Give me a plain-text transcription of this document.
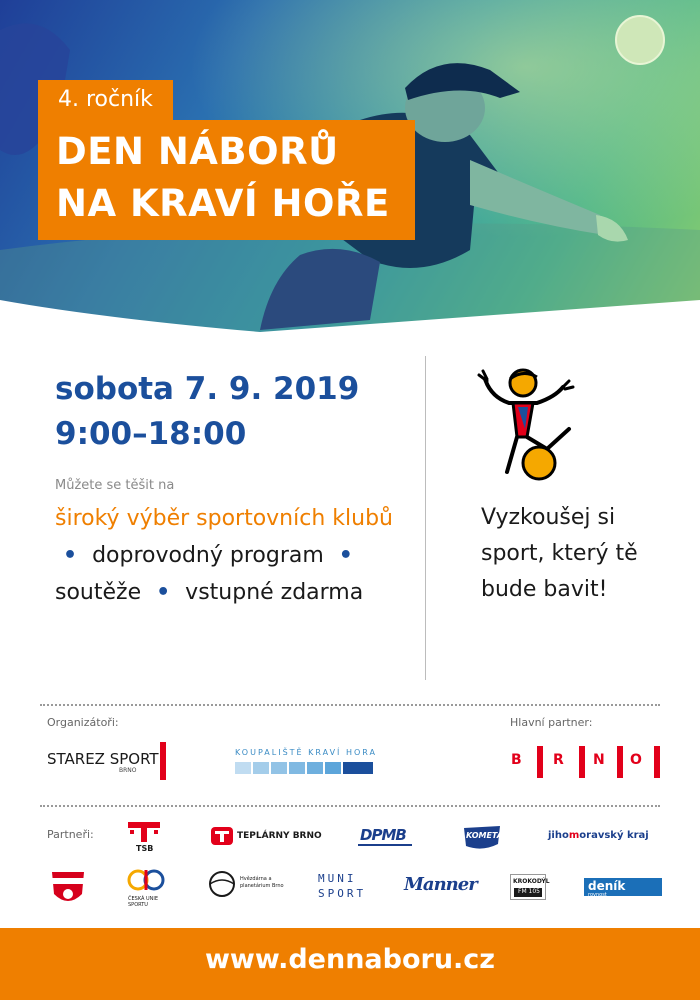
4. ročník
DEN NÁBORŮ
NA KRAVÍ HOŘE
sobota 7. 9. 2019
9:00–18:00
Můžete se těšit na
široký výběr sportovních klubů • doprovodný program • soutěže • vstupné zdarma
Vyzkoušej si sport, který tě bude bavit!
Organizátoři:
STAREZ SPORT
BRNO
KOUPALIŠTĚ KRAVÍ HORA
Hlavní partner:
B R N O
Partneři:
TSB
TEPLÁRNY BRNO	DPMB	KOMETA	jihomoravský kraj
ČESKÁ UNIE SPORTU
Hvězdárna a planetárium Brno
MUNI
SPORT Manner	KROKODÝL
FM 105	deník
rovnost
www.dennaboru.cz
